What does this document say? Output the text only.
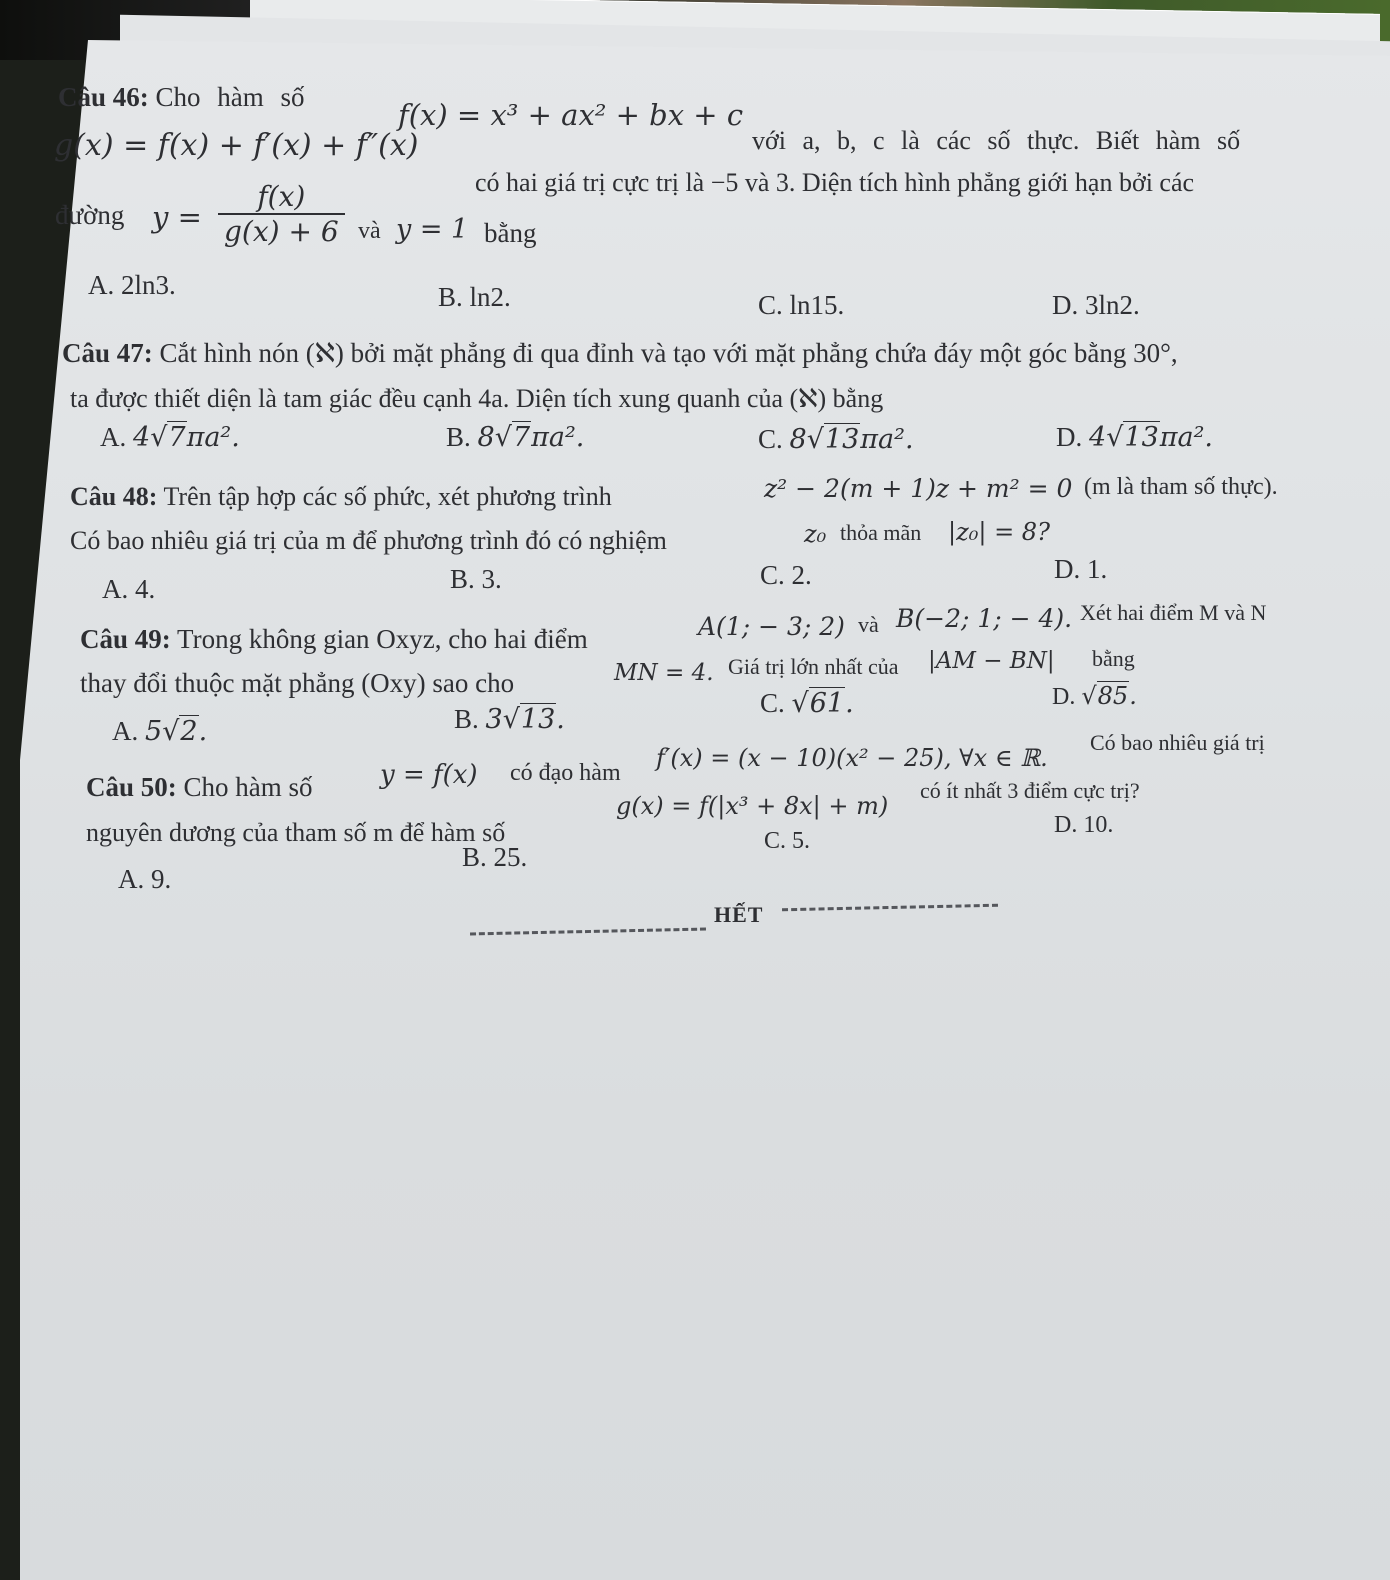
Câu 46: Cho hàm số
f(x) = x³ + ax² + bx + c
với a, b, c là các số thực. Biết hàm số
g(x) = f(x) + f′(x) + f″(x)
có hai giá trị cực trị là −5 và 3. Diện tích hình phẳng giới hạn bởi các
đường $y = \frac{f(x)}{g(x) + 6}$ và y = 1 bằng
A. 2ln3.	B. ln2.	C. ln15.	D. 3ln2.
Câu 47: Cắt hình nón (ℵ) bởi mặt phẳng đi qua đỉnh và tạo với mặt phẳng chứa đáy một góc bằng 30°,
ta được thiết diện là tam giác đều cạnh 4a. Diện tích xung quanh của (ℵ) bằng
A. 4√7πa².	B. 8√7πa².	C. 8√13πa².	D. 4√13πa².
Câu 48: Trên tập hợp các số phức, xét phương trình	z² − 2(m + 1)z + m² = 0 (m là tham số thực).
Có bao nhiêu giá trị của m để phương trình đó có nghiệm	z₀ thỏa mãn |z₀| = 8?
A. 4.	B. 3.	C. 2.	D. 1.
Câu 49: Trong không gian Oxyz, cho hai điểm	A(1; − 3; 2) và B(−2; 1; − 4). Xét hai điểm M và N
thay đổi thuộc mặt phẳng (Oxy) sao cho	MN = 4. Giá trị lớn nhất của |AM − BN| bằng
A. 5√2.	B. 3√13.
C. √61.	D. √85.
Câu 50: Cho hàm số	y = f(x) có đạo hàm
f′(x) = (x − 10)(x² − 25), ∀x ∈ ℝ.
Có bao nhiêu giá trị
nguyên dương của tham số m để hàm số
g(x) = f(|x³ + 8x| + m)
có ít nhất 3 điểm cực trị?
A. 9.
B. 25.
C. 5.
D. 10.
HẾT
